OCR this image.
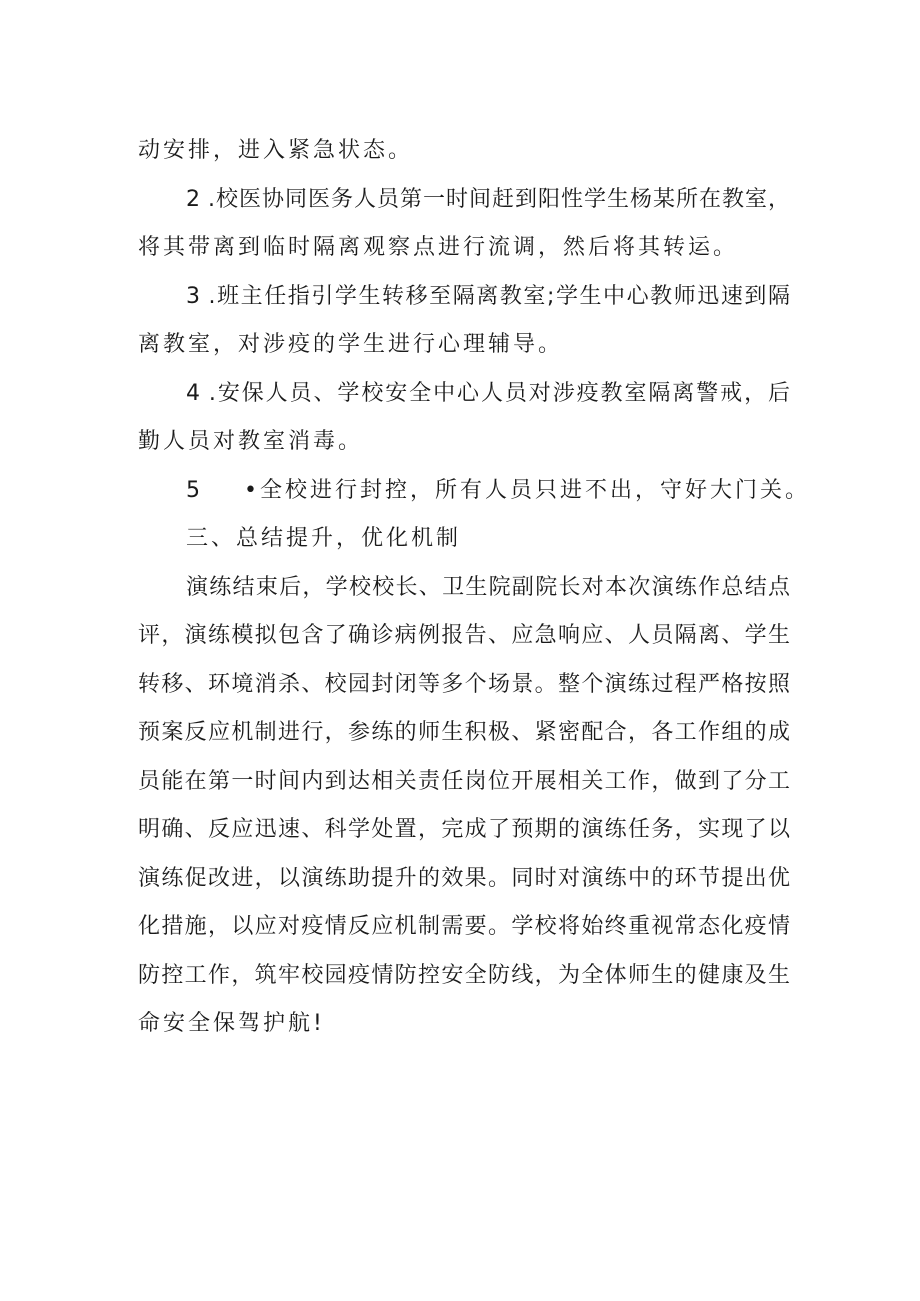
动安排，进入紧急状态。
2 .校医协同医务人员第一时间赶到阳性学生杨某所在教室，
将其带离到临时隔离观察点进行流调，然后将其转运。
3 .班主任指引学生转移至隔离教室;学生中心教师迅速到隔
离教室，对涉疫的学生进行心理辅导。
4 .安保人员、学校安全中心人员对涉疫教室隔离警戒，后
勤人员对教室消毒。
5 •全校进行封控，所有人员只进不出，守好大门关。
三、总结提升，优化机制
演练结束后，学校校长、卫生院副院长对本次演练作总结点
评，演练模拟包含了确诊病例报告、应急响应、人员隔离、学生
转移、环境消杀、校园封闭等多个场景。整个演练过程严格按照
预案反应机制进行，参练的师生积极、紧密配合，各工作组的成
员能在第一时间内到达相关责任岗位开展相关工作，做到了分工
明确、反应迅速、科学处置，完成了预期的演练任务，实现了以
演练促改进，以演练助提升的效果。同时对演练中的环节提出优
化措施，以应对疫情反应机制需要。学校将始终重视常态化疫情
防控工作，筑牢校园疫情防控安全防线，为全体师生的健康及生
命安全保驾护航!
